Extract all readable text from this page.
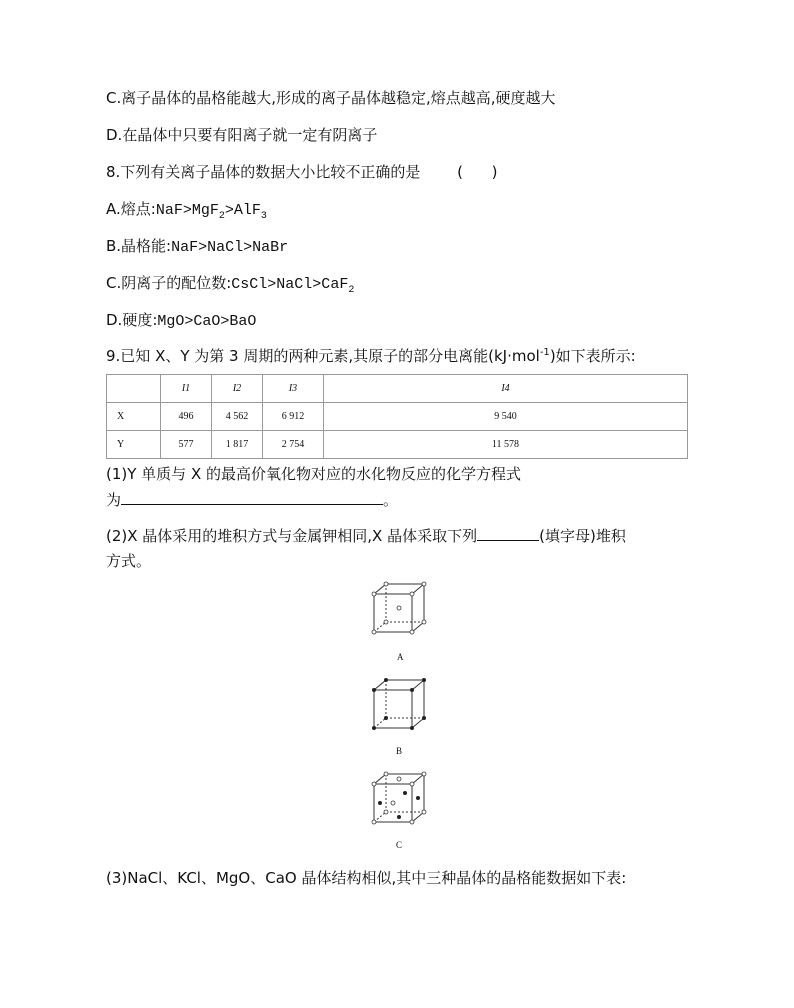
C.离子晶体的晶格能越大,形成的离子晶体越稳定,熔点越高,硬度越大
D.在晶体中只要有阳离子就一定有阴离子
8.下列有关离子晶体的数据大小比较不正确的是 (      )
A.熔点:NaF>MgF$_2$>AlF$_3$
B.晶格能:NaF>NaCl>NaBr
C.阴离子的配位数:CsCl>NaCl>CaF$_2$
D.硬度:MgO>CaO>BaO
9.已知 X、Y 为第 3 周期的两种元素,其原子的部分电离能(kJ·mol$^{-1}$)如下表所示:
	I1	I2	I3	I4
X	496	4 562	6 912	9 540
Y	577	1 817	2 754	11 578
(1)Y 单质与 X 的最高价氧化物对应的水化物反应的化学方程式
为	。
(2)X 晶体采用的堆积方式与金属钾相同,X 晶体采取下列	(填字母)堆积
方式。
A
B
C
(3)NaCl、KCl、MgO、CaO 晶体结构相似,其中三种晶体的晶格能数据如下表:
